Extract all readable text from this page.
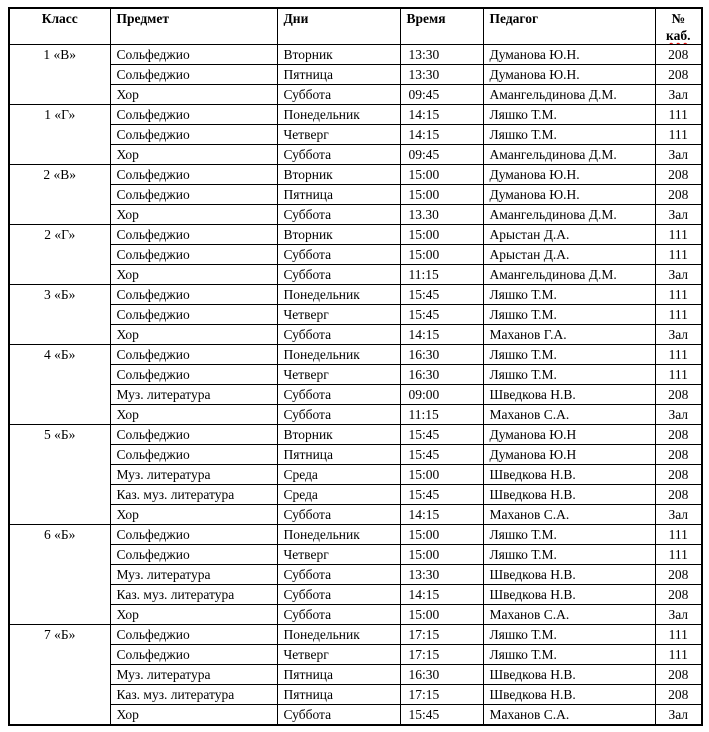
Класс	Предмет	Дни	Время	Педагог	№
каб.
1 «В»	Сольфеджио	Вторник	13:30	Думанова Ю.Н.	208
	Сольфеджио	Пятница	13:30	Думанова Ю.Н.	208
	Хор	Суббота	09:45	Амангельдинова Д.М.	Зал
1 «Г»	Сольфеджио	Понедельник	14:15	Ляшко Т.М.	111
	Сольфеджио	Четверг	14:15	Ляшко Т.М.	111
	Хор	Суббота	09:45	Амангельдинова Д.М.	Зал
2 «В»	Сольфеджио	Вторник	15:00	Думанова Ю.Н.	208
	Сольфеджио	Пятница	15:00	Думанова Ю.Н.	208
	Хор	Суббота	13.30	Амангельдинова Д.М.	Зал
2 «Г»	Сольфеджио	Вторник	15:00	Арыстан Д.А.	111
	Сольфеджио	Суббота	15:00	Арыстан Д.А.	111
	Хор	Суббота	11:15	Амангельдинова Д.М.	Зал
3 «Б»	Сольфеджио	Понедельник	15:45	Ляшко Т.М.	111
	Сольфеджио	Четверг	15:45	Ляшко Т.М.	111
	Хор	Суббота	14:15	Маханов Г.А.	Зал
4 «Б»	Сольфеджио	Понедельник	16:30	Ляшко Т.М.	111
	Сольфеджио	Четверг	16:30	Ляшко Т.М.	111
	Муз. литература	Суббота	09:00	Шведкова Н.В.	208
	Хор	Суббота	11:15	Маханов С.А.	Зал
5 «Б»	Сольфеджио	Вторник	15:45	Думанова Ю.Н	208
	Сольфеджио	Пятница	15:45	Думанова Ю.Н	208
	Муз. литература	Среда	15:00	Шведкова Н.В.	208
	Каз. муз. литература	Среда	15:45	Шведкова Н.В.	208
	Хор	Суббота	14:15	Маханов С.А.	Зал
6 «Б»	Сольфеджио	Понедельник	15:00	Ляшко Т.М.	111
	Сольфеджио	Четверг	15:00	Ляшко Т.М.	111
	Муз. литература	Суббота	13:30	Шведкова Н.В.	208
	Каз. муз. литература	Суббота	14:15	Шведкова Н.В.	208
	Хор	Суббота	15:00	Маханов С.А.	Зал
7 «Б»	Сольфеджио	Понедельник	17:15	Ляшко Т.М.	111
	Сольфеджио	Четверг	17:15	Ляшко Т.М.	111
	Муз. литература	Пятница	16:30	Шведкова Н.В.	208
	Каз. муз. литература	Пятница	17:15	Шведкова Н.В.	208
	Хор	Суббота	15:45	Маханов С.А.	Зал
